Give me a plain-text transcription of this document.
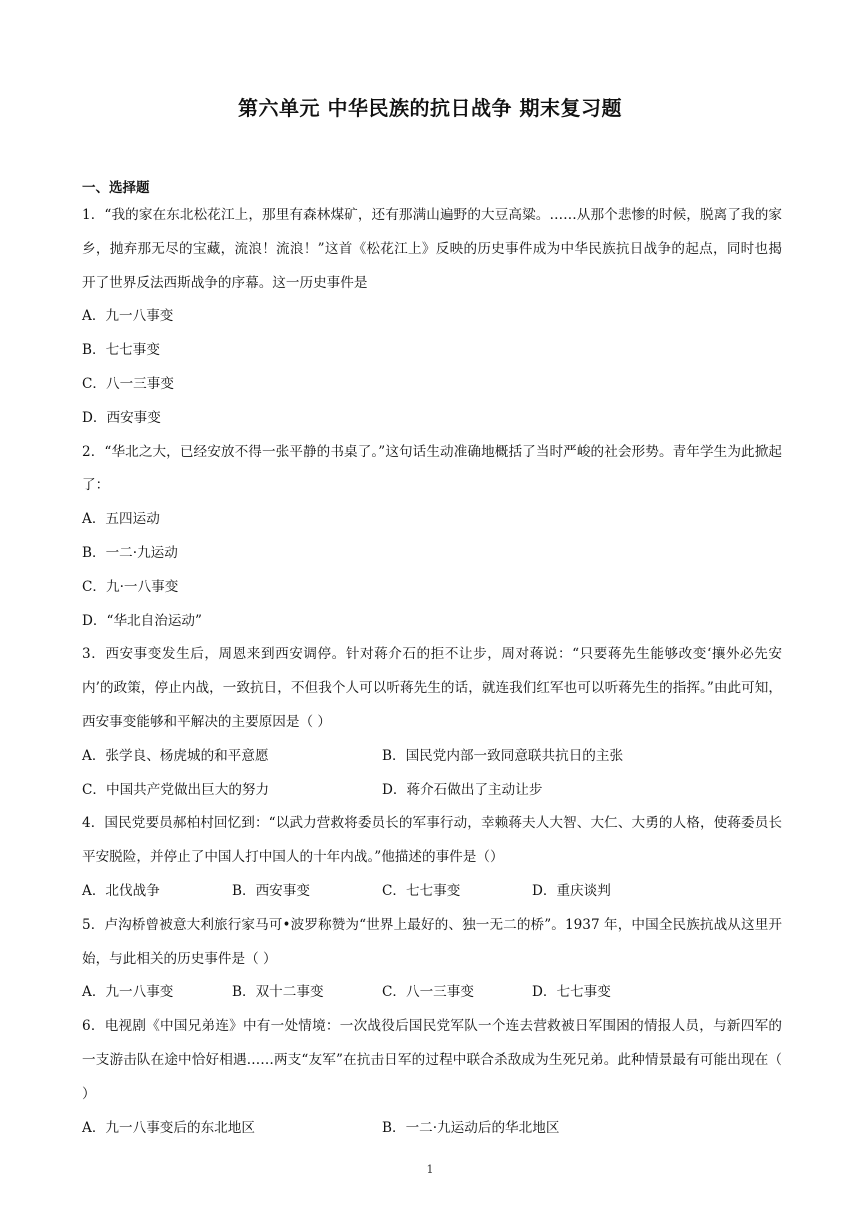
第六单元 中华民族的抗日战争 期末复习题
一、选择题

1．“我的家在东北松花江上，那里有森林煤矿，还有那满山遍野的大豆高粱。……从那个悲惨的时候，脱离了我的家乡，抛弃那无尽的宝藏，流浪！流浪！”这首《松花江上》反映的历史事件成为中华民族抗日战争的起点，同时也揭开了世界反法西斯战争的序幕。这一历史事件是

A．九一八事变

B．七七事变

C．八一三事变

D．西安事变

2．“华北之大，已经安放不得一张平静的书桌了。”这句话生动准确地概括了当时严峻的社会形势。青年学生为此掀起了：

A．五四运动

B．一二·九运动

C．九·一八事变

D．“华北自治运动”

3．西安事变发生后，周恩来到西安调停。针对蒋介石的拒不让步，周对蒋说：“只要蒋先生能够改变‘攘外必先安内’的政策，停止内战，一致抗日，不但我个人可以听蒋先生的话，就连我们红军也可以听蒋先生的指挥。”由此可知，西安事变能够和平解决的主要原因是（ ）

A．张学良、杨虎城的和平意愿	B．国民党内部一致同意联共抗日的主张
C．中国共产党做出巨大的努力	D．蒋介石做出了主动让步

4．国民党要员郝柏村回忆到：“以武力营救将委员长的军事行动，幸赖蒋夫人大智、大仁、大勇的人格，使蒋委员长平安脱险，并停止了中国人打中国人的十年内战。”他描述的事件是（）

A．北伐战争	B．西安事变	C．七七事变	D．重庆谈判

5．卢沟桥曾被意大利旅行家马可•波罗称赞为“世界上最好的、独一无二的桥”。1937 年，中国全民族抗战从这里开始，与此相关的历史事件是（ ）

A．九一八事变	B．双十二事变	C．八一三事变	D．七七事变

6．电视剧《中国兄弟连》中有一处情境：一次战役后国民党军队一个连去营救被日军围困的情报人员，与新四军的一支游击队在途中恰好相遇……两支“友军”在抗击日军的过程中联合杀敌成为生死兄弟。此种情景最有可能出现在（ ）

A．九一八事变后的东北地区	B．一二·九运动后的华北地区
1
